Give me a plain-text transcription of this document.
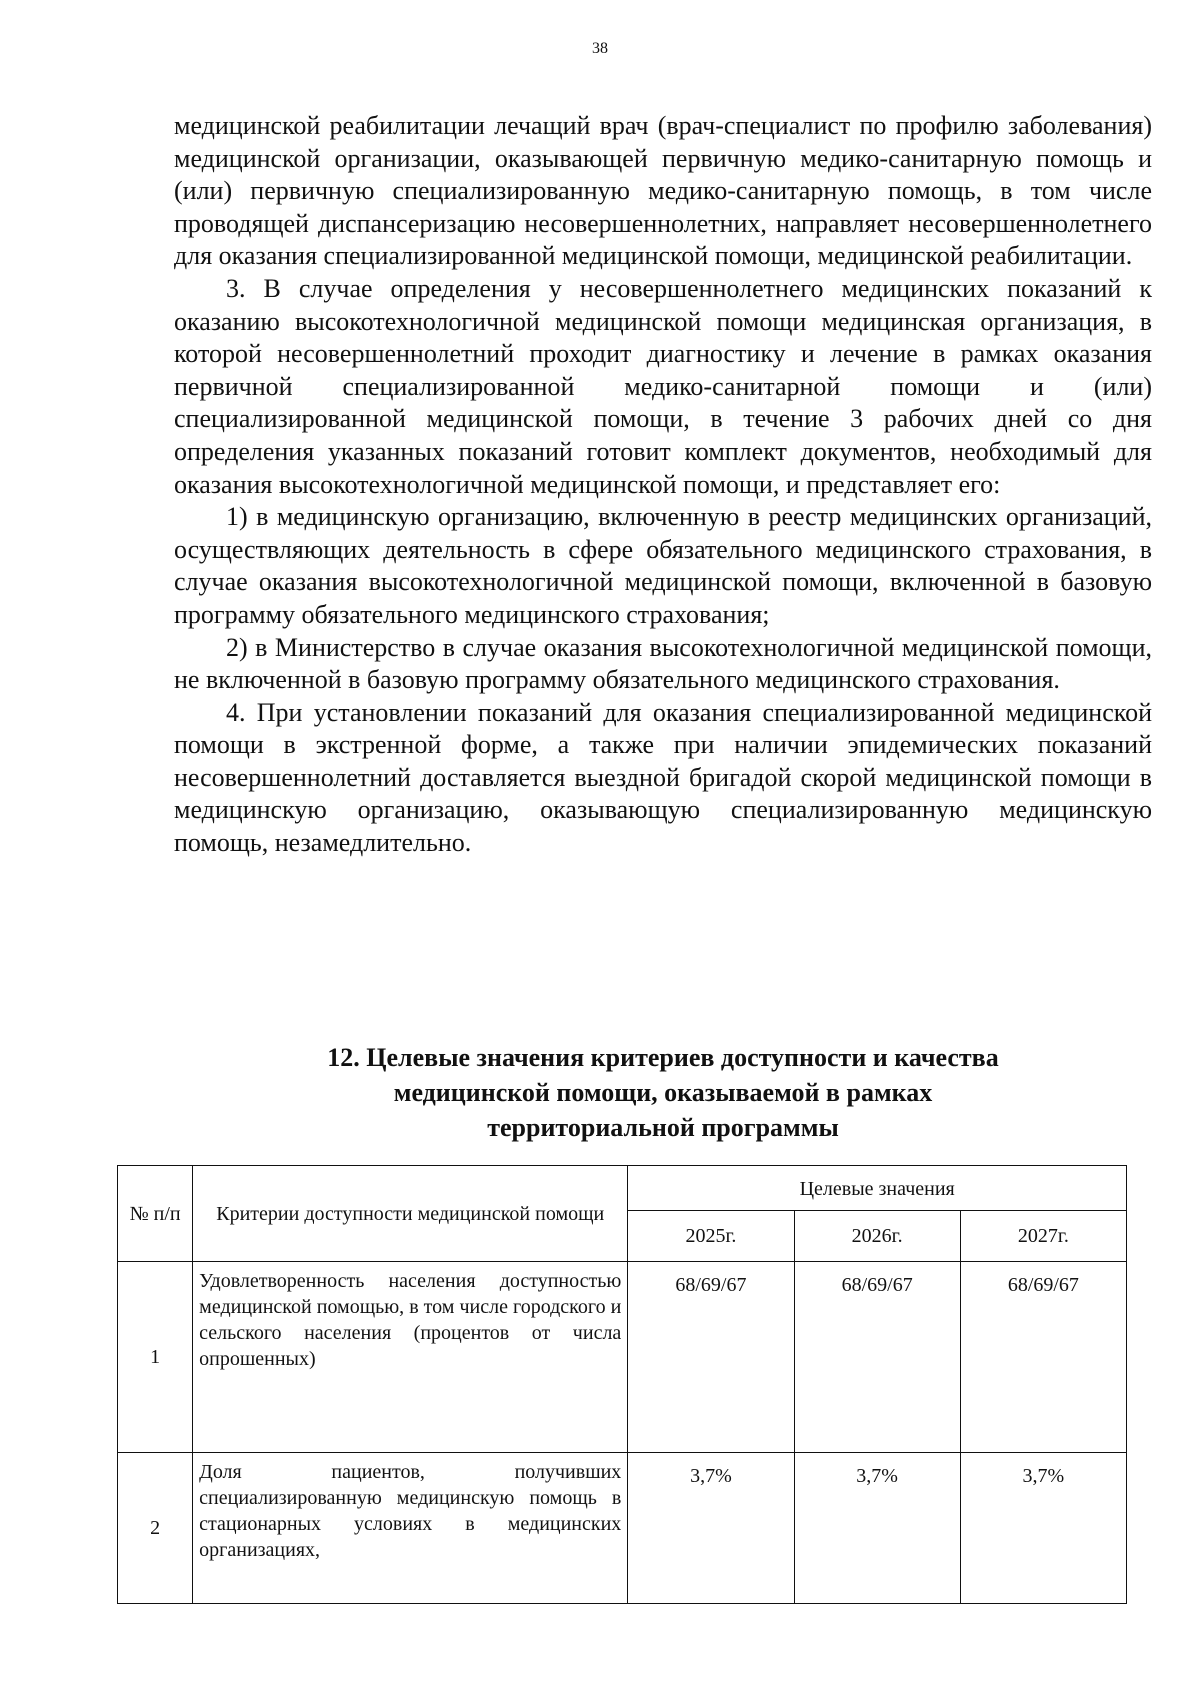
38

медицинской реабилитации лечащий врач (врач-специалист по профилю заболевания) медицинской организации, оказывающей первичную медико-санитарную помощь и (или) первичную специализированную медико-санитарную помощь, в том числе проводящей диспансеризацию несовершеннолетних, направляет несовершеннолетнего для оказания специализированной медицинской помощи, медицинской реабилитации.

3. В случае определения у несовершеннолетнего медицинских показаний к оказанию высокотехнологичной медицинской помощи медицинская организация, в которой несовершеннолетний проходит диагностику и лечение в рамках оказания первичной специализированной медико-санитарной помощи и (или) специализированной медицинской помощи, в течение 3 рабочих дней со дня определения указанных показаний готовит комплект документов, необходимый для оказания высокотехнологичной медицинской помощи, и представляет его:

1) в медицинскую организацию, включенную в реестр медицинских организаций, осуществляющих деятельность в сфере обязательного медицинского страхования, в случае оказания высокотехнологичной медицинской помощи, включенной в базовую программу обязательного медицинского страхования;

2) в Министерство в случае оказания высокотехнологичной медицинской помощи, не включенной в базовую программу обязательного медицинского страхования.

4. При установлении показаний для оказания специализированной медицинской помощи в экстренной форме, а также при наличии эпидемических показаний несовершеннолетний доставляется выездной бригадой скорой медицинской помощи в медицинскую организацию, оказывающую специализированную медицинскую помощь, незамедлительно.

12. Целевые значения критериев доступности и качества
медицинской помощи, оказываемой в рамках
территориальной программы
№ п/п	Критерии доступности медицинской помощи	Целевые значения		
		2025г.	2026г.	2027г.
1	Удовлетворенность населения доступностью медицинской помощью, в том числе городского и сельского населения (процентов от числа опрошенных)	68/69/67	68/69/67	68/69/67
2	Доля пациентов, получивших специализированную медицинскую помощь в стационарных условиях в медицинских организациях,	3,7%	3,7%	3,7%
